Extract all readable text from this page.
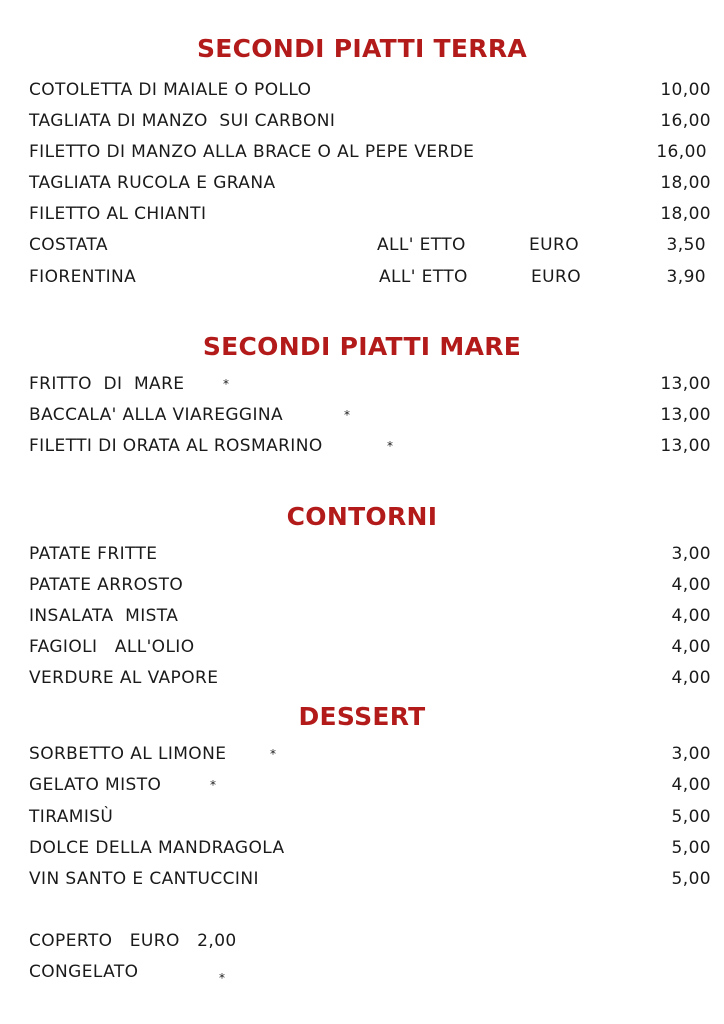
SECONDI PIATTI TERRA
COTOLETTA DI MAIALE O POLLO	10,00
TAGLIATA DI MANZO  SUI CARBONI	16,00
FILETTO DI MANZO ALLA BRACE O AL PEPE VERDE	16,00
TAGLIATA RUCOLA E GRANA	18,00
FILETTO AL CHIANTI	18,00
COSTATA	ALL' ETTO	EURO	3,50
FIORENTINA	ALL' ETTO	EURO	3,90
SECONDI PIATTI MARE
FRITTO  DI  MARE	*	13,00
BACCALA' ALLA VIAREGGINA	*	13,00
FILETTI DI ORATA AL ROSMARINO	*	13,00
CONTORNI
PATATE FRITTE	3,00
PATATE ARROSTO	4,00
INSALATA  MISTA	4,00
FAGIOLI   ALL'OLIO	4,00
VERDURE AL VAPORE	4,00
DESSERT
SORBETTO AL LIMONE	*	3,00
GELATO MISTO	*	4,00
TIRAMISÙ	5,00
DOLCE DELLA MANDRAGOLA	5,00
VIN SANTO E CANTUCCINI	5,00
COPERTO   EURO   2,00
CONGELATO	*
